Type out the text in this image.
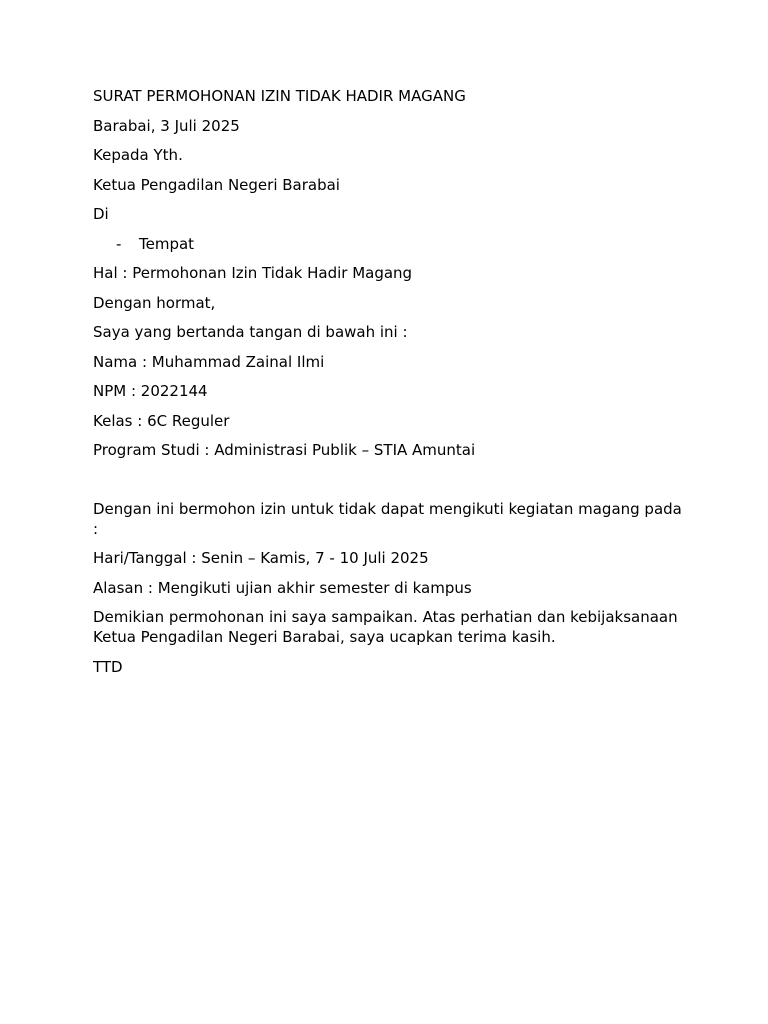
SURAT PERMOHONAN IZIN TIDAK HADIR MAGANG

Barabai, 3 Juli 2025

Kepada Yth.

Ketua Pengadilan Negeri Barabai

Di

-	Tempat

Hal : Permohonan Izin Tidak Hadir Magang

Dengan hormat,

Saya yang bertanda tangan di bawah ini :

Nama : Muhammad Zainal Ilmi

NPM : 2022144

Kelas : 6C Reguler

Program Studi : Administrasi Publik – STIA Amuntai

Dengan ini bermohon izin untuk tidak dapat mengikuti kegiatan magang pada :

Hari/Tanggal : Senin – Kamis, 7 - 10 Juli 2025

Alasan : Mengikuti ujian akhir semester di kampus

Demikian permohonan ini saya sampaikan. Atas perhatian dan kebijaksanaan Ketua Pengadilan Negeri Barabai, saya ucapkan terima kasih.

TTD
